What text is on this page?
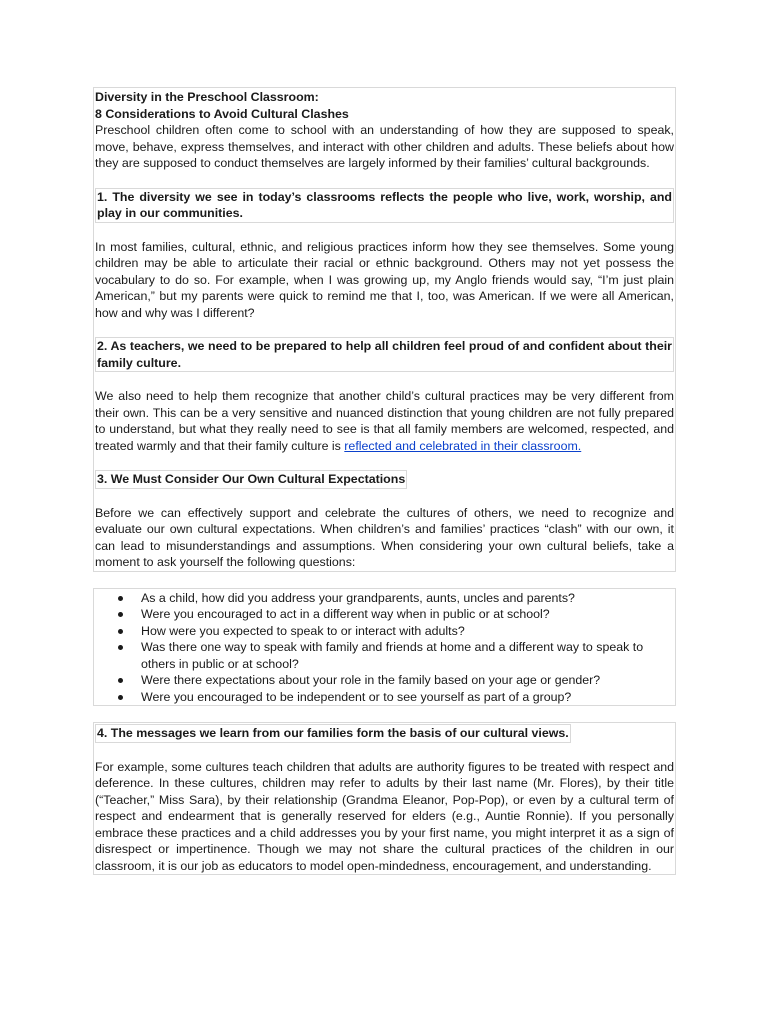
Diversity in the Preschool Classroom:
8 Considerations to Avoid Cultural Clashes
Preschool children often come to school with an understanding of how they are supposed to speak, move, behave, express themselves, and interact with other children and adults. These beliefs about how they are supposed to conduct themselves are largely informed by their families’ cultural backgrounds.
1. The diversity we see in today’s classrooms reflects the people who live, work, worship, and play in our communities.
In most families, cultural, ethnic, and religious practices inform how they see themselves. Some young children may be able to articulate their racial or ethnic background. Others may not yet possess the vocabulary to do so. For example, when I was growing up, my Anglo friends would say, “I’m just plain American,” but my parents were quick to remind me that I, too, was American. If we were all American, how and why was I different?
2. As teachers, we need to be prepared to help all children feel proud of and confident about their family culture.
We also need to help them recognize that another child’s cultural practices may be very different from their own. This can be a very sensitive and nuanced distinction that young children are not fully prepared to understand, but what they really need to see is that all family members are welcomed, respected, and treated warmly and that their family culture is reflected and celebrated in their classroom.
3. We Must Consider Our Own Cultural Expectations
Before we can effectively support and celebrate the cultures of others, we need to recognize and evaluate our own cultural expectations. When children’s and families’ practices “clash” with our own, it can lead to misunderstandings and assumptions. When considering your own cultural beliefs, take a moment to ask yourself the following questions:
As a child, how did you address your grandparents, aunts, uncles and parents?
Were you encouraged to act in a different way when in public or at school?
How were you expected to speak to or interact with adults?
Was there one way to speak with family and friends at home and a different way to speak to others in public or at school?
Were there expectations about your role in the family based on your age or gender?
Were you encouraged to be independent or to see yourself as part of a group?
4. The messages we learn from our families form the basis of our cultural views.
For example, some cultures teach children that adults are authority figures to be treated with respect and deference. In these cultures, children may refer to adults by their last name (Mr. Flores), by their title (“Teacher,” Miss Sara), by their relationship (Grandma Eleanor, Pop-Pop), or even by a cultural term of respect and endearment that is generally reserved for elders (e.g., Auntie Ronnie). If you personally embrace these practices and a child addresses you by your first name, you might interpret it as a sign of disrespect or impertinence. Though we may not share the cultural practices of the children in our classroom, it is our job as educators to model open-mindedness, encouragement, and understanding.
